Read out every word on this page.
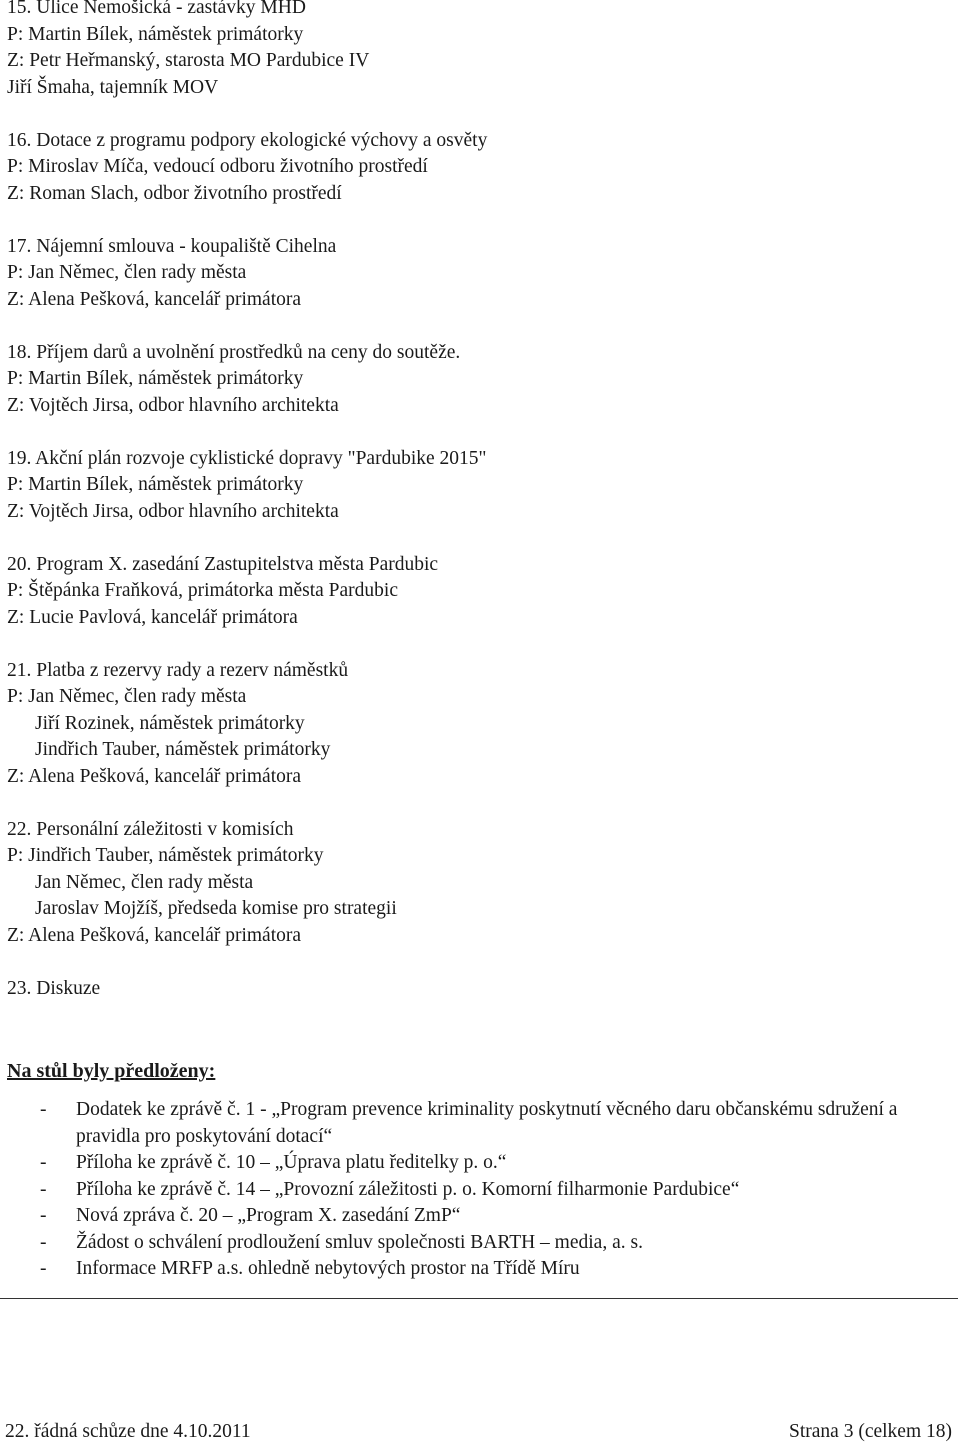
15. Ulice Nemošická - zastávky MHD
P: Martin Bílek, náměstek primátorky
Z: Petr Heřmanský, starosta MO Pardubice IV
Jiří Šmaha, tajemník MOV
16. Dotace z programu podpory ekologické výchovy a osvěty
P: Miroslav Míča, vedoucí odboru životního prostředí
Z: Roman Slach, odbor životního prostředí
17. Nájemní smlouva - koupaliště Cihelna
P: Jan Němec, člen rady města
Z: Alena Pešková, kancelář primátora
18. Příjem darů a uvolnění prostředků na ceny do soutěže.
P: Martin Bílek, náměstek primátorky
Z: Vojtěch Jirsa, odbor hlavního architekta
19. Akční plán rozvoje cyklistické dopravy "Pardubike 2015"
P: Martin Bílek, náměstek primátorky
Z: Vojtěch Jirsa, odbor hlavního architekta
20. Program X. zasedání Zastupitelstva města Pardubic
P: Štěpánka Fraňková, primátorka města Pardubic
Z: Lucie Pavlová, kancelář primátora
21. Platba z rezervy rady a rezerv náměstků
P: Jan Němec, člen rady města
Jiří Rozinek, náměstek primátorky
Jindřich Tauber, náměstek primátorky
Z: Alena Pešková, kancelář primátora
22. Personální záležitosti v komisích
P: Jindřich Tauber, náměstek primátorky
Jan Němec, člen rady města
Jaroslav Mojžíš, předseda komise pro strategii
Z: Alena Pešková, kancelář primátora
23. Diskuze
Na stůl byly předloženy:
- Dodatek ke zprávě č. 1 - „Program prevence kriminality poskytnutí věcného daru občanskému sdružení a pravidla pro poskytování dotací“
- Příloha ke zprávě č. 10 – „Úprava platu ředitelky p. o.“
- Příloha ke zprávě č. 14 – „Provozní záležitosti p. o. Komorní filharmonie Pardubice“
- Nová zpráva č. 20 – „Program X. zasedání ZmP“
- Žádost o schválení prodloužení smluv společnosti BARTH – media, a. s.
- Informace MRFP a.s. ohledně nebytových prostor na Třídě Míru
22. řádná schůze dne 4.10.2011	Strana 3 (celkem 18)
